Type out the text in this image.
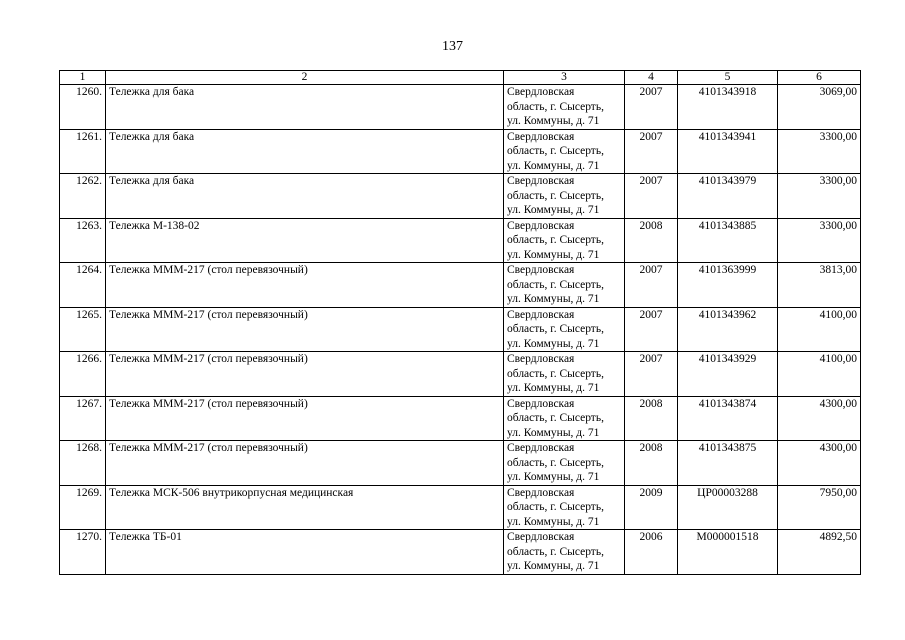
137
1	2	3	4	5	6

1260.	Тележка для бака	Свердловская
область, г. Сысерть,
ул. Коммуны, д. 71	2007	4101343918	3069,00

1261.	Тележка для бака	Свердловская
область, г. Сысерть,
ул. Коммуны, д. 71	2007	4101343941	3300,00

1262.	Тележка для бака	Свердловская
область, г. Сысерть,
ул. Коммуны, д. 71	2007	4101343979	3300,00

1263.	Тележка М-138-02	Свердловская
область, г. Сысерть,
ул. Коммуны, д. 71	2008	4101343885	3300,00

1264.	Тележка МММ-217 (стол перевязочный)	Свердловская
область, г. Сысерть,
ул. Коммуны, д. 71	2007	4101363999	3813,00

1265.	Тележка МММ-217 (стол перевязочный)	Свердловская
область, г. Сысерть,
ул. Коммуны, д. 71	2007	4101343962	4100,00

1266.	Тележка МММ-217 (стол перевязочный)	Свердловская
область, г. Сысерть,
ул. Коммуны, д. 71	2007	4101343929	4100,00

1267.	Тележка МММ-217 (стол перевязочный)	Свердловская
область, г. Сысерть,
ул. Коммуны, д. 71	2008	4101343874	4300,00

1268.	Тележка МММ-217 (стол перевязочный)	Свердловская
область, г. Сысерть,
ул. Коммуны, д. 71	2008	4101343875	4300,00

1269.	Тележка МСК-506 внутрикорпусная медицинская	Свердловская
область, г. Сысерть,
ул. Коммуны, д. 71	2009	ЦР00003288	7950,00

1270.	Тележка ТБ-01	Свердловская
область, г. Сысерть,
ул. Коммуны, д. 71	2006	М000001518	4892,50
